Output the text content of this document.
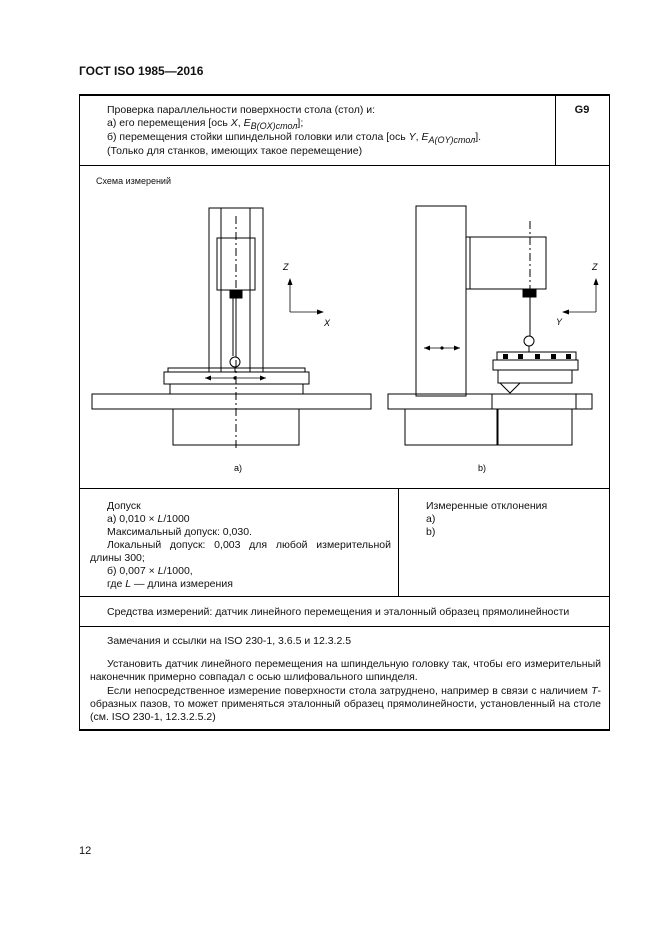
ГОСТ ISO 1985—2016
G9
Проверка параллельности поверхности стола (стол) и:
а) его перемещения [ось X, $E_{B(OX)стол}$];
б) перемещения стойки шпиндельной головки или стола [ось Y, $E_{A(OY)стол}$].
(Только для станков, имеющих такое перемещение)
Схема измерений
Z
X
Z
Y
а)	b)
Допуск
а) 0,010 × L/1000
Максимальный допуск: 0,030.
Локальный допуск: 0,003 для любой измерительной длины 300;
б) 0,007 × L/1000,
где L — длина измерения
Измеренные отклонения
а)
b)
Средства измерений: датчик линейного перемещения и эталонный образец прямолинейности
Замечания и ссылки на ISO 230-1, 3.6.5 и 12.3.2.5
Установить датчик линейного перемещения на шпиндельную головку так, чтобы его измерительный наконечник примерно совпадал с осью шлифовального шпинделя.
Если непосредственное измерение поверхности стола затруднено, например в связи с наличием Т-образных пазов, то может применяться эталонный образец прямолинейности, установленный на столе (см. ISO 230-1, 12.3.2.5.2)
12
